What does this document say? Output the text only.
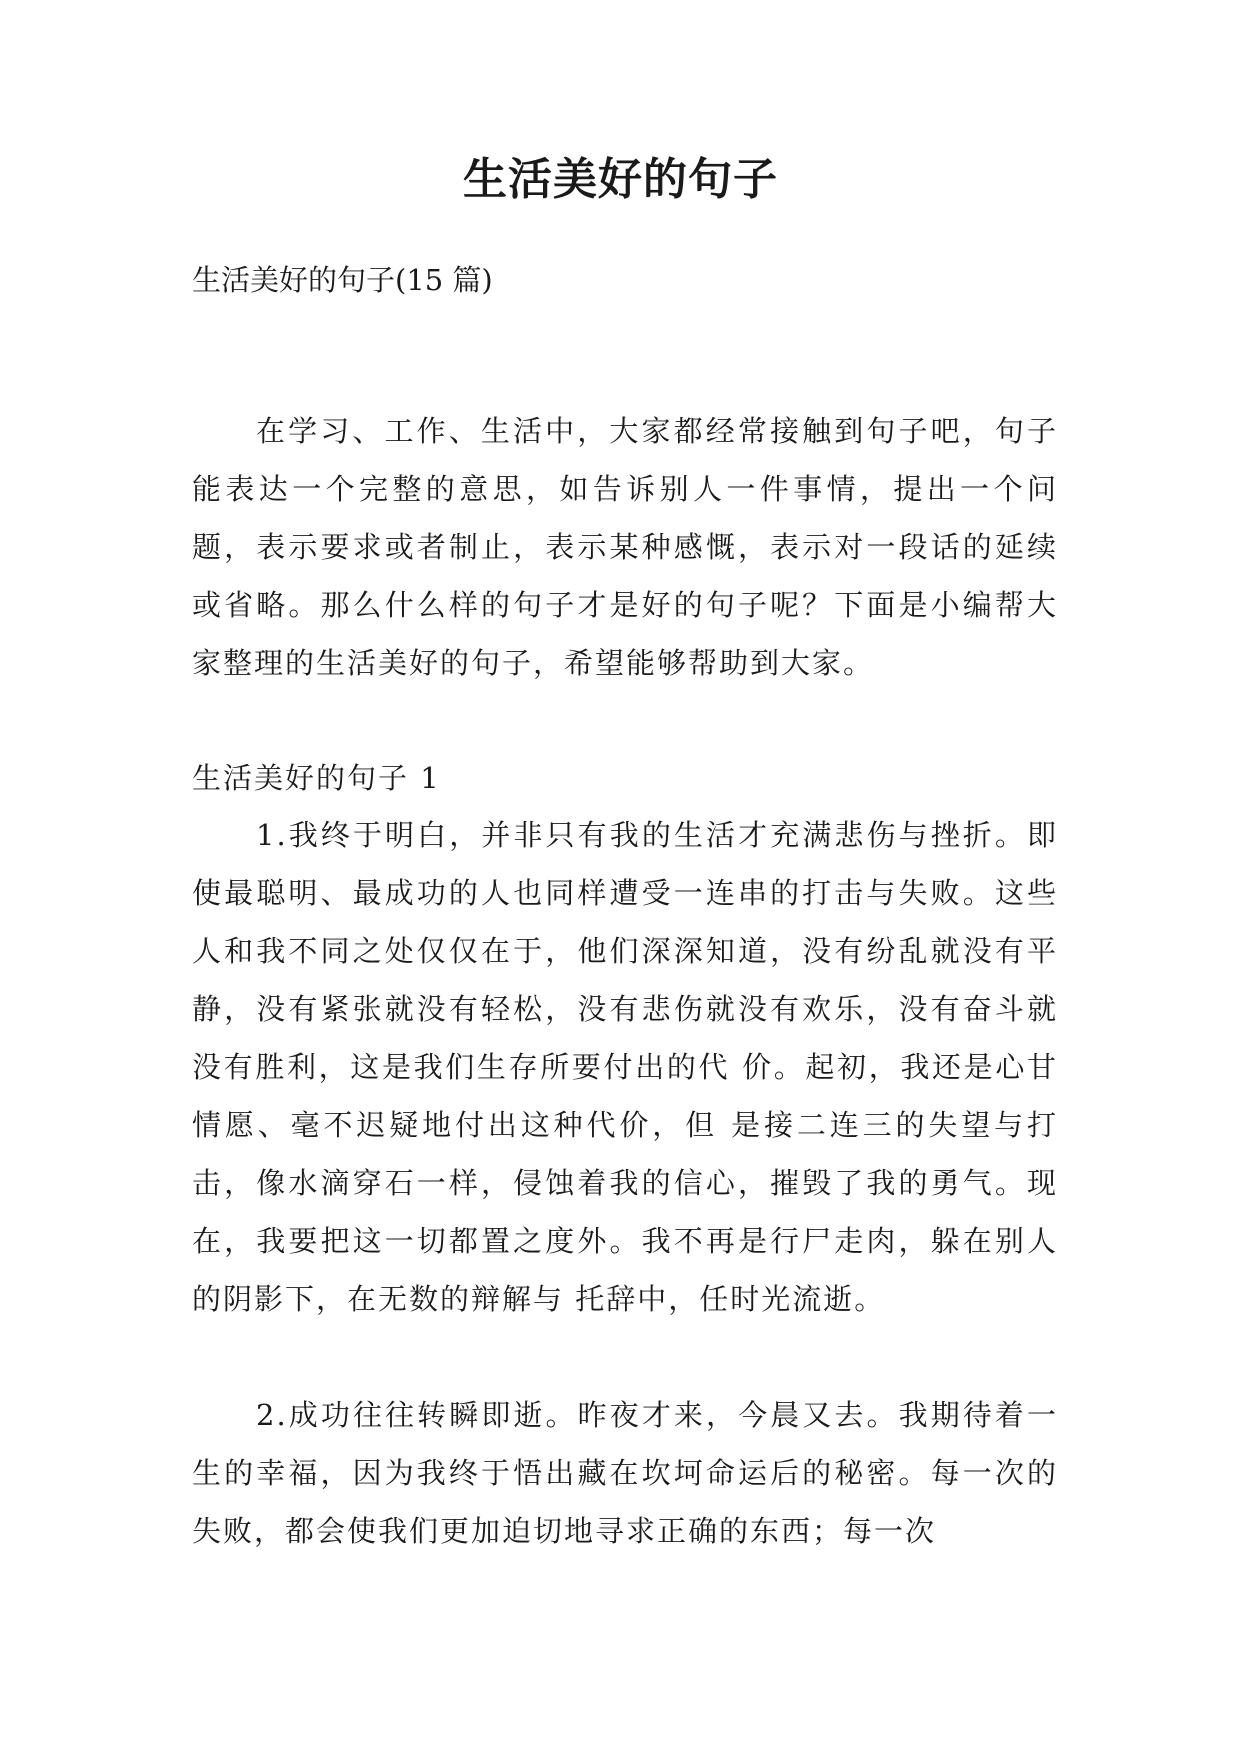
生活美好的句子

生活美好的句子(15 篇)

在学习、工作、生活中，大家都经常接触到句子吧，句子能表达一个完整的意思，如告诉别人一件事情，提出一个问题，表示要求或者制止，表示某种感慨，表示对一段话的延续或省略。那么什么样的句子才是好的句子呢？下面是小编帮大家整理的生活美好的句子，希望能够帮助到大家。

生活美好的句子 1

1.我终于明白，并非只有我的生活才充满悲伤与挫折。即使最聪明、最成功的人也同样遭受一连串的打击与失败。这些人和我不同之处仅仅在于，他们深深知道，没有纷乱就没有平静，没有紧张就没有轻松，没有悲伤就没有欢乐，没有奋斗就没有胜利，这是我们生存所要付出的代 价。起初，我还是心甘情愿、毫不迟疑地付出这种代价，但 是接二连三的失望与打击，像水滴穿石一样，侵蚀着我的信心，摧毁了我的勇气。现在，我要把这一切都置之度外。我不再是行尸走肉，躲在别人的阴影下，在无数的辩解与 托辞中，任时光流逝。

2.成功往往转瞬即逝。昨夜才来，今晨又去。我期待着一生的幸福，因为我终于悟出藏在坎坷命运后的秘密。每一次的失败，都会使我们更加迫切地寻求正确的东西；每一次
